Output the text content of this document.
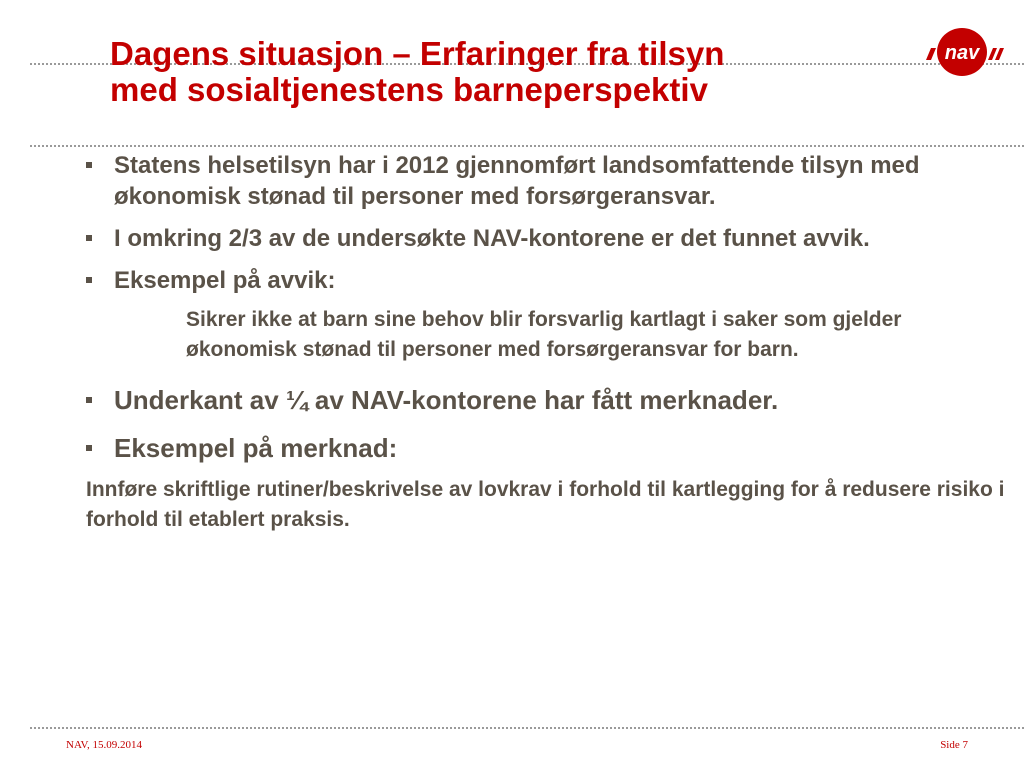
Dagens situasjon – Erfaringer fra tilsyn
med sosialtjenestens barneperspektiv
nav
Statens helsetilsyn har i 2012 gjennomført landsomfattende tilsyn med økonomisk stønad til personer med forsørgeransvar.
I omkring 2/3 av de undersøkte NAV-kontorene er det funnet avvik.
Eksempel på avvik:
Sikrer ikke at barn sine behov blir forsvarlig kartlagt i saker som gjelder økonomisk stønad til personer med forsørgeransvar for barn.
Underkant av ¼ av NAV-kontorene har fått merknader.
Eksempel på merknad:
Innføre skriftlige rutiner/beskrivelse av lovkrav i forhold til kartlegging for å redusere risiko i forhold til etablert praksis.
NAV, 15.09.2014	Side 7
